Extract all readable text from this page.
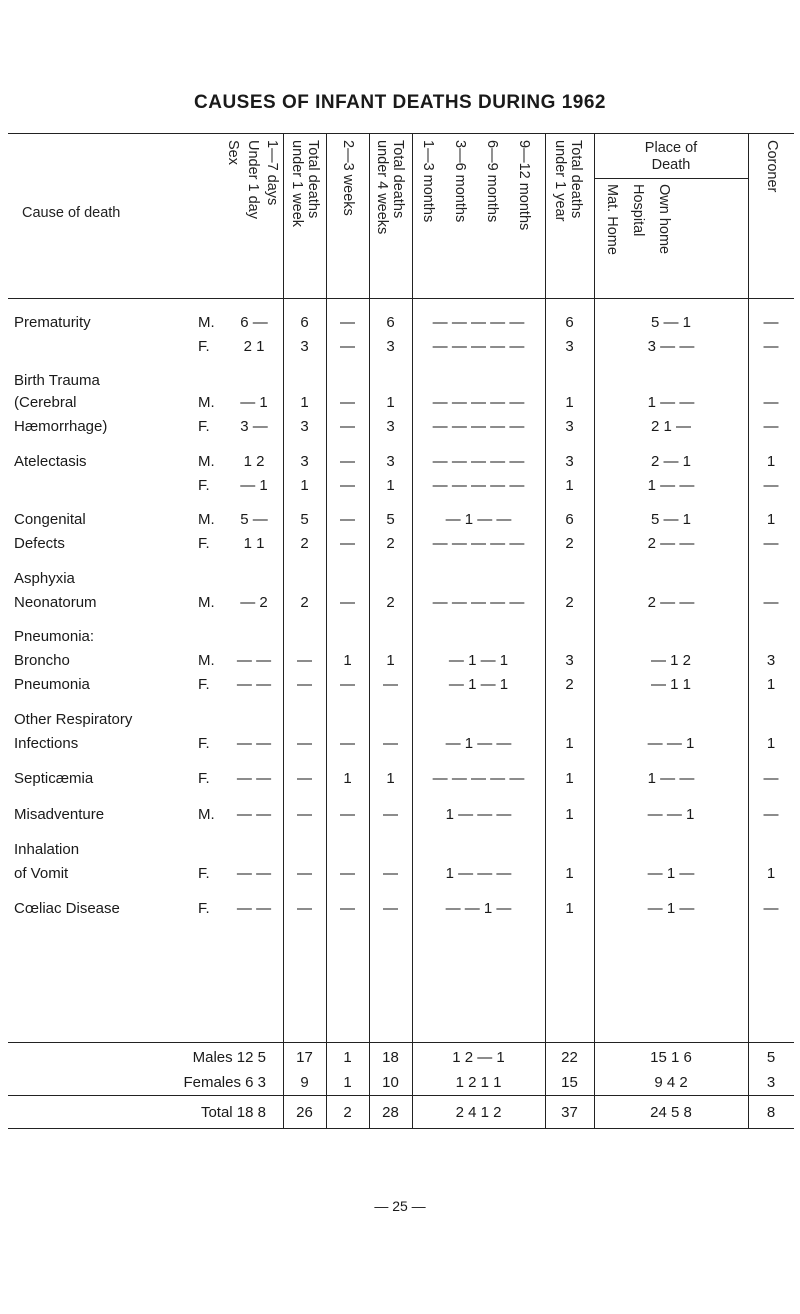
CAUSES OF INFANT DEATHS DURING 1962
Cause of death
Sex Under 1 day 1—7 days	Total deaths
under 1 week	2—3 weeks	Total deaths
under 4 weeks	1—3 months 3—6 months 6—9 months 9—12 months	Total deaths
under 1 year
Place of
Death
Mat. Home Hospital Own home
Coroner
Prematurity	M.	6 —	6	—	6	— — — — —	6	5 — 1	—
F.	2 1	3	—	3	— — — — —	3	3 — —	—
Birth Trauma
(Cerebral	M.	— 1	1	—	1	— — — — —	1	1 — —	—
Hæmorrhage)	F.	3 —	3	—	3	— — — — —	3	2 1 —	—
Atelectasis	M.	1 2	3	—	3	— — — — —	3	2 — 1	1
F.	— 1	1	—	1	— — — — —	1	1 — —	—
Congenital	M.	5 —	5	—	5	— 1 — —	6	5 — 1	1
Defects	F.	1 1	2	—	2	— — — — —	2	2 — —	—
Asphyxia
Neonatorum	M.	— 2	2	—	2	— — — — —	2	2 — —	—
Pneumonia:
Broncho	M.	— —	—	1	1	— 1 — 1	3	— 1 2	3
Pneumonia	F.	— —	—	—	—	— 1 — 1	2	— 1 1	1
Other Respiratory
Infections	F.	— —	—	—	—	— 1 — —	1	— — 1	1
Septicæmia	F.	— —	—	1	1	— — — — —	1	1 — —	—
Misadventure	M.	— —	—	—	—	1 — — —	1	— — 1	—
Inhalation
of Vomit	F.	— —	—	—	—	1 — — —	1	— 1 —	1
Cœliac Disease	F.	— —	—	—	—	— — 1 —	1	— 1 —	—
Males 12 5	17	1	18	1 2 — 1	22	15 1 6	5
Females 6 3	9	1	10	1 2 1 1	15	9 4 2	3
Total 18 8	26	2	28	2 4 1 2	37	24 5 8	8
— 25 —
